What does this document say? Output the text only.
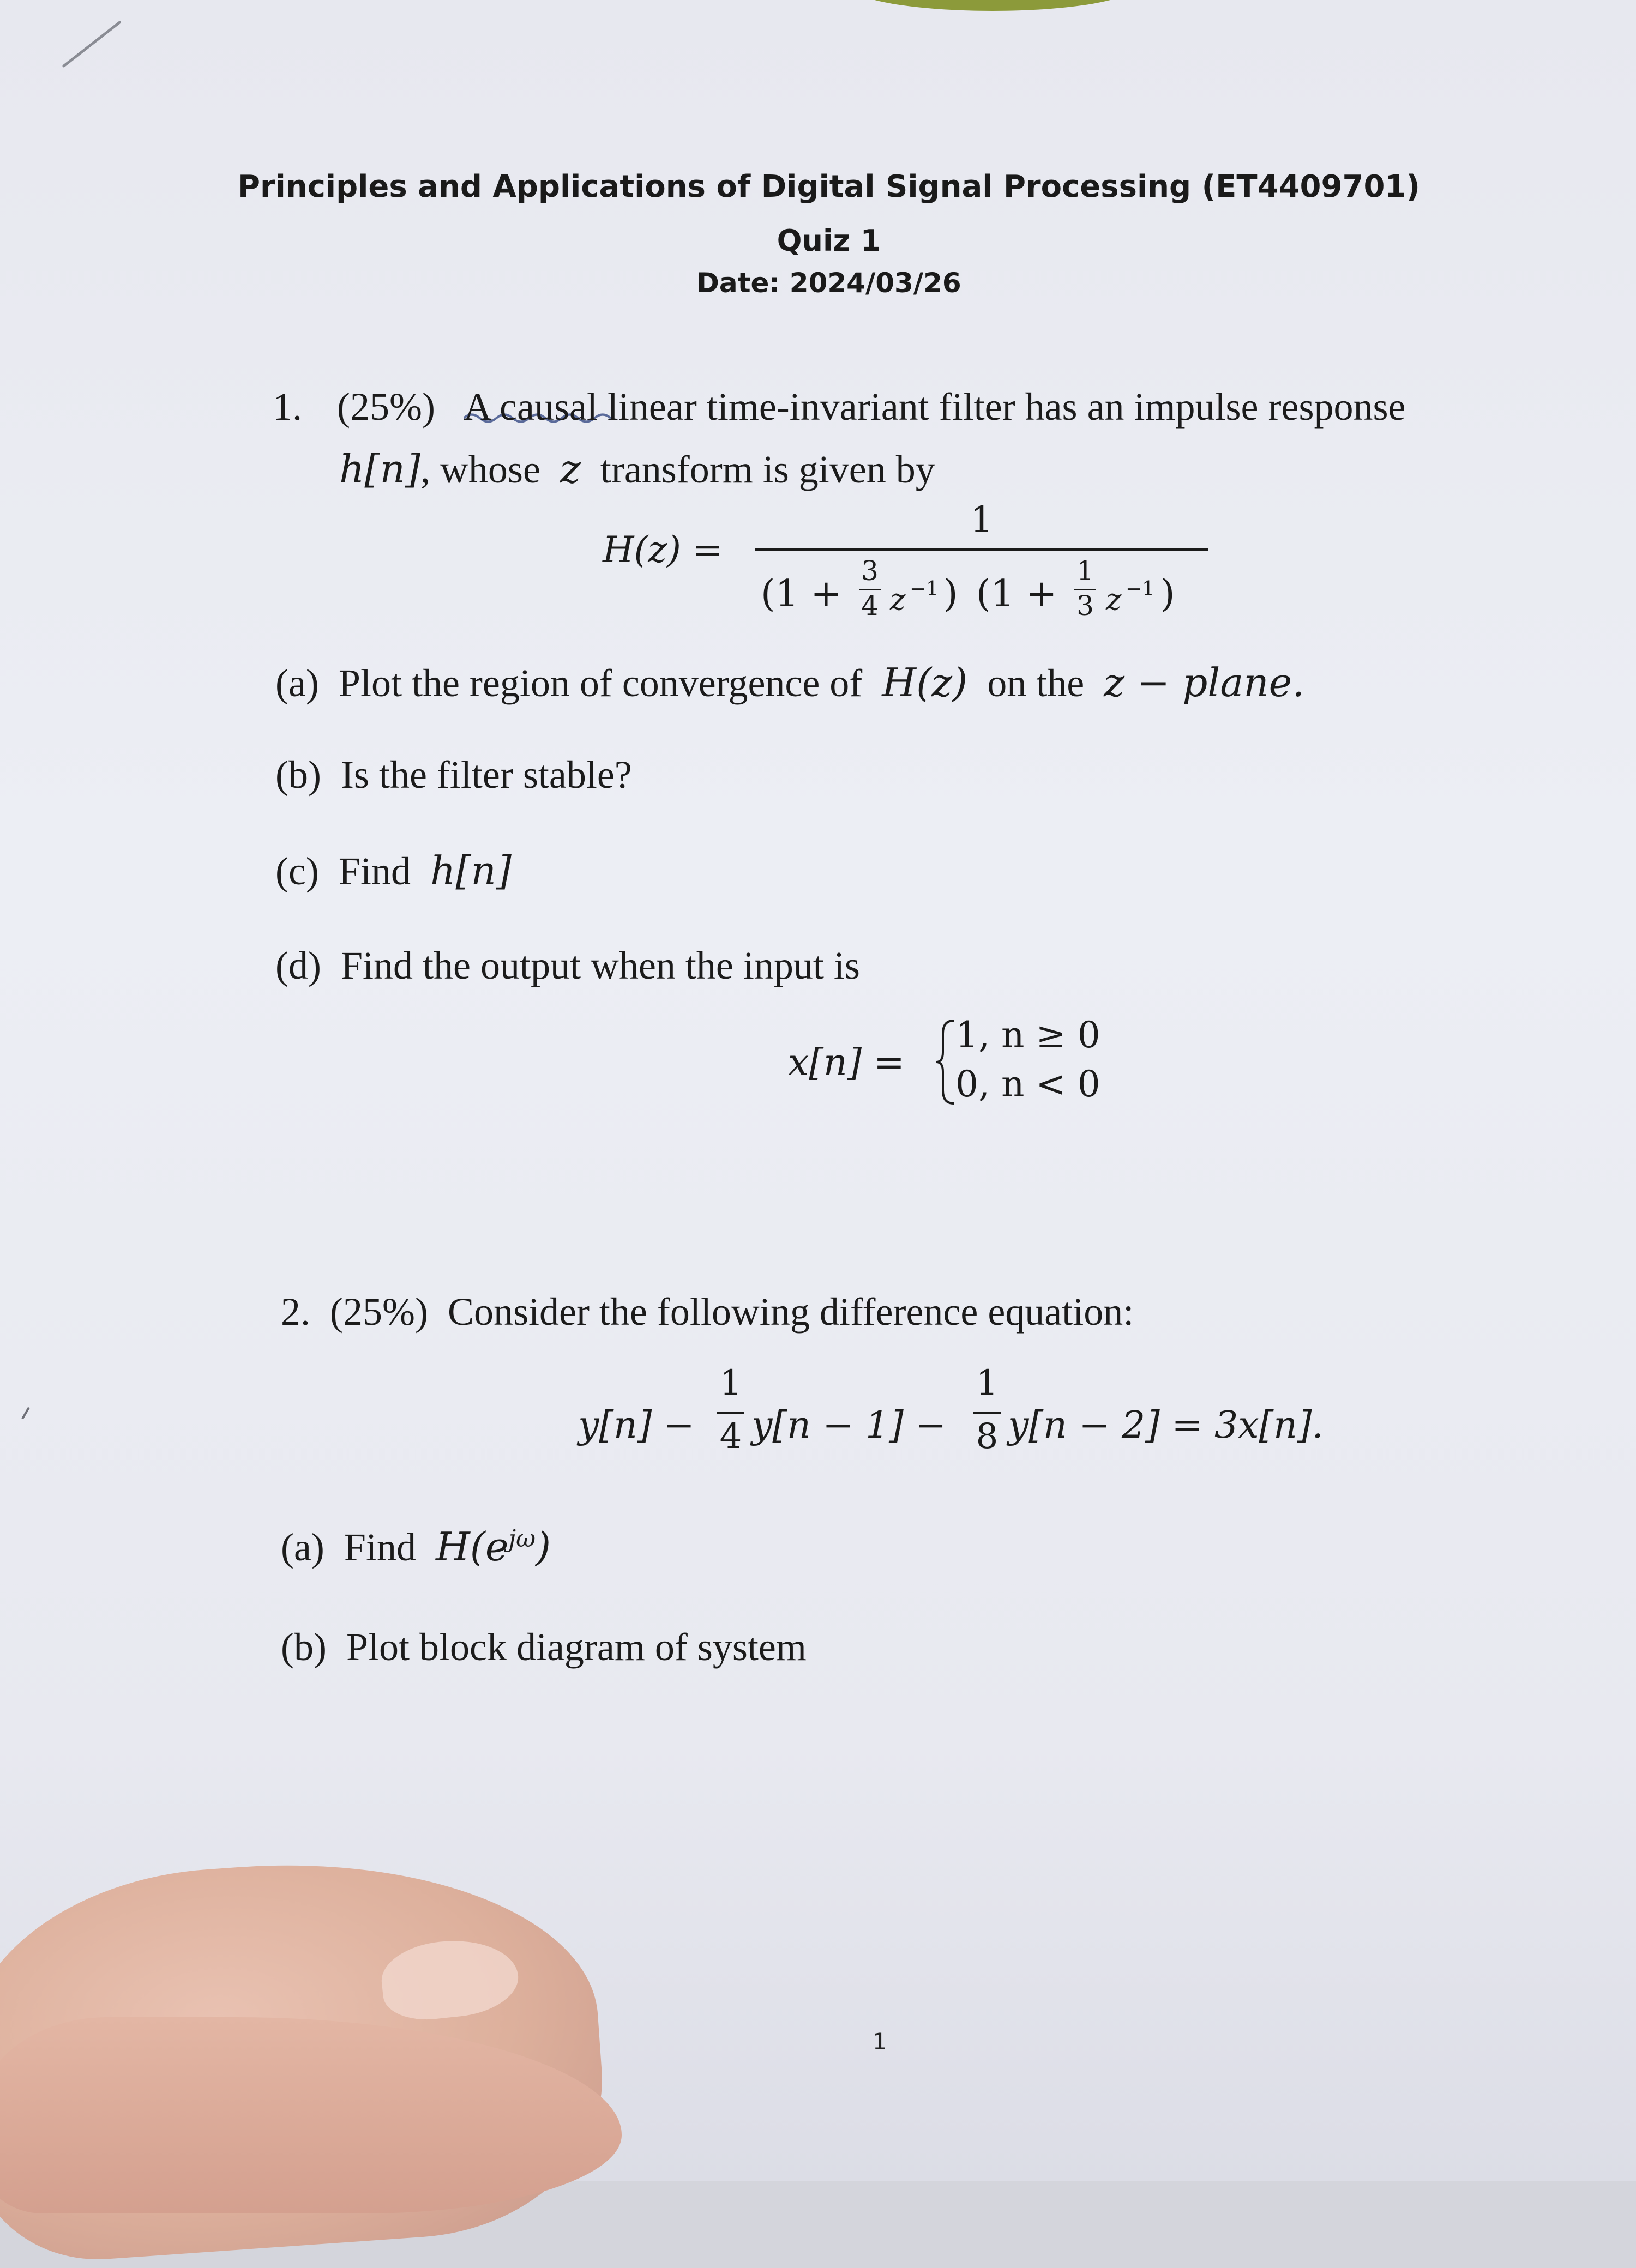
Principles and Applications of Digital Signal Processing (ET4409701)
Quiz 1
Date: 2024/03/26
1. (25%) A causal linear time-invariant filter has an impulse response
h[n], whose z transform is given by
H(z) =
1
(1 +
3
4 z −1 ) (1 +
1
3 z −1 )
(a) Plot the region of convergence of H(z) on the z − plane.
(b) Is the filter stable?
(c) Find h[n]
(d) Find the output when the input is
x[n] =
1, n ≥ 0
0, n < 0
2. (25%) Consider the following difference equation:
y[n] −
1
4 y[n − 1] −
1
8 y[n − 2] = 3x[n].
(a) Find $H(e^{j\omega})$
(b) Plot block diagram of system
1
